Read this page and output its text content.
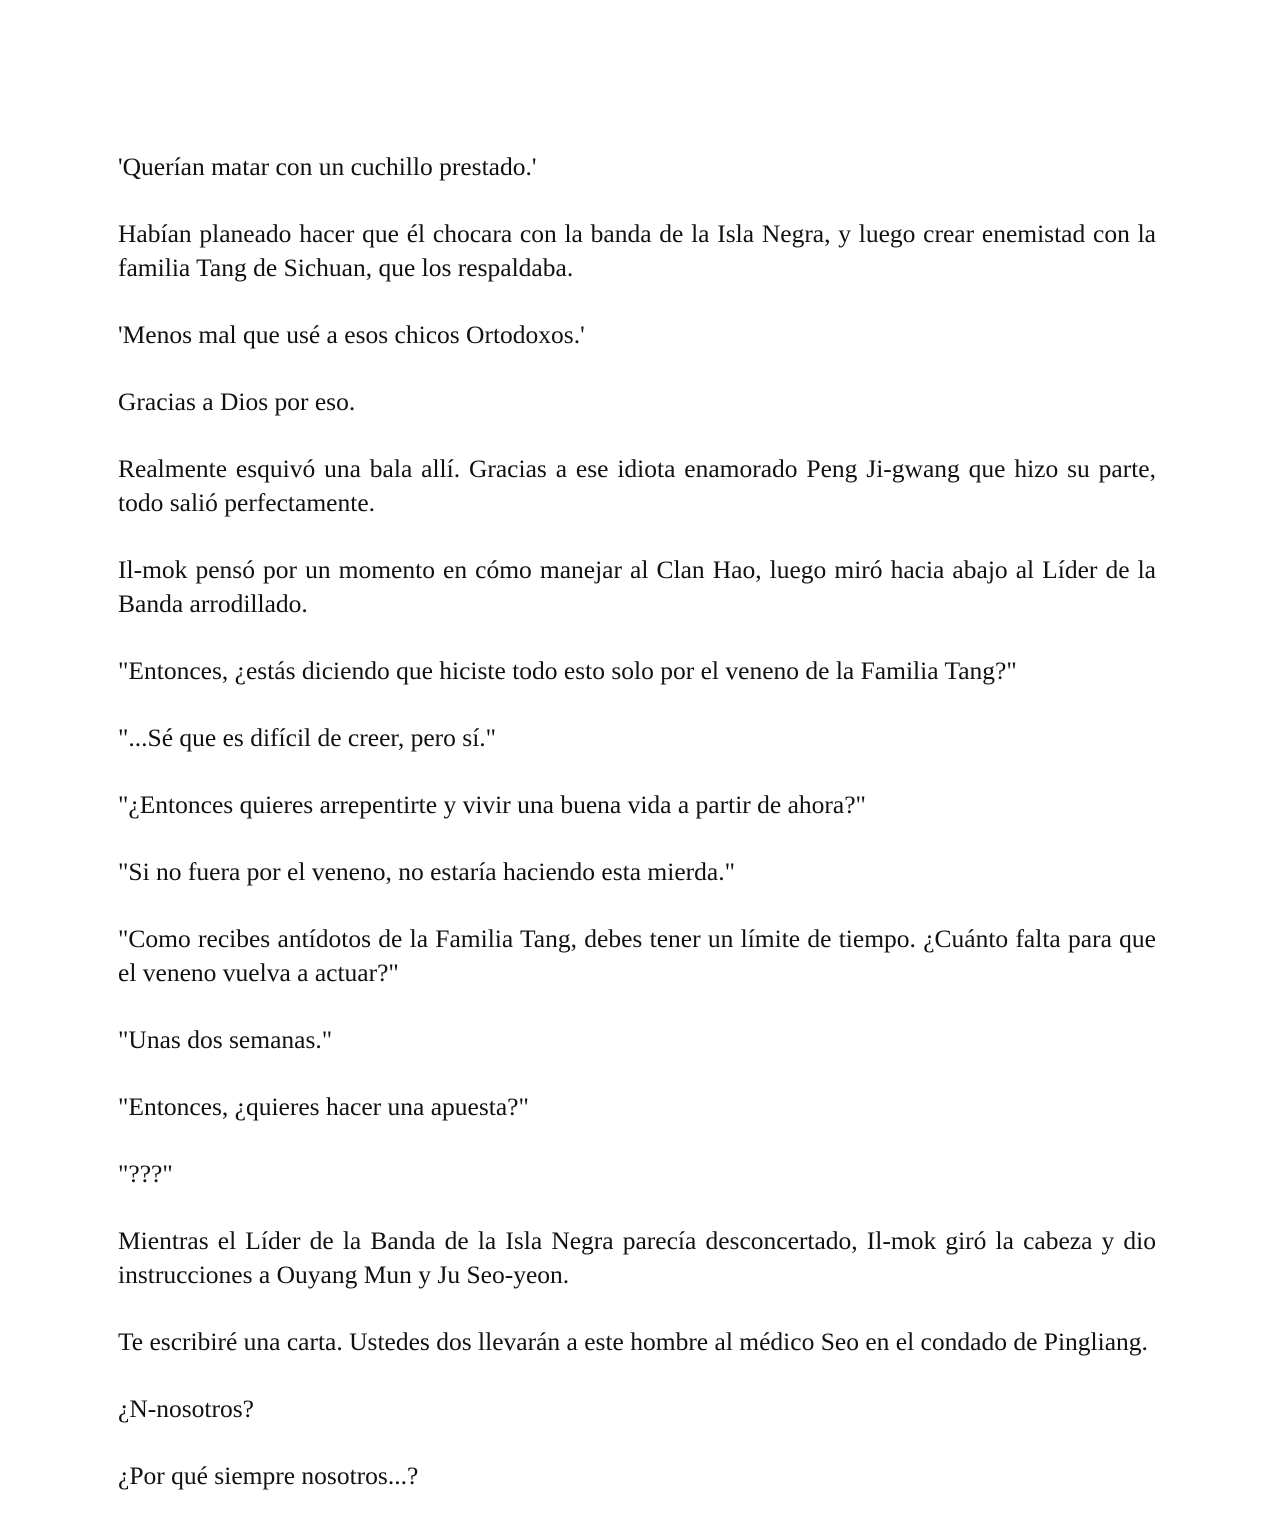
'Querían matar con un cuchillo prestado.'

Habían planeado hacer que él chocara con la banda de la Isla Negra, y luego crear enemistad con la familia Tang de Sichuan, que los respaldaba.

'Menos mal que usé a esos chicos Ortodoxos.'

Gracias a Dios por eso.

Realmente esquivó una bala allí. Gracias a ese idiota enamorado Peng Ji-gwang que hizo su parte, todo salió perfectamente.

Il-mok pensó por un momento en cómo manejar al Clan Hao, luego miró hacia abajo al Líder de la Banda arrodillado.

"Entonces, ¿estás diciendo que hiciste todo esto solo por el veneno de la Familia Tang?"

"...Sé que es difícil de creer, pero sí."

"¿Entonces quieres arrepentirte y vivir una buena vida a partir de ahora?"

"Si no fuera por el veneno, no estaría haciendo esta mierda."

"Como recibes antídotos de la Familia Tang, debes tener un límite de tiempo. ¿Cuánto falta para que el veneno vuelva a actuar?"

"Unas dos semanas."

"Entonces, ¿quieres hacer una apuesta?"

"???"

Mientras el Líder de la Banda de la Isla Negra parecía desconcertado, Il-mok giró la cabeza y dio instrucciones a Ouyang Mun y Ju Seo-yeon.

Te escribiré una carta. Ustedes dos llevarán a este hombre al médico Seo en el condado de Pingliang.

¿N-nosotros?

¿Por qué siempre nosotros...?
